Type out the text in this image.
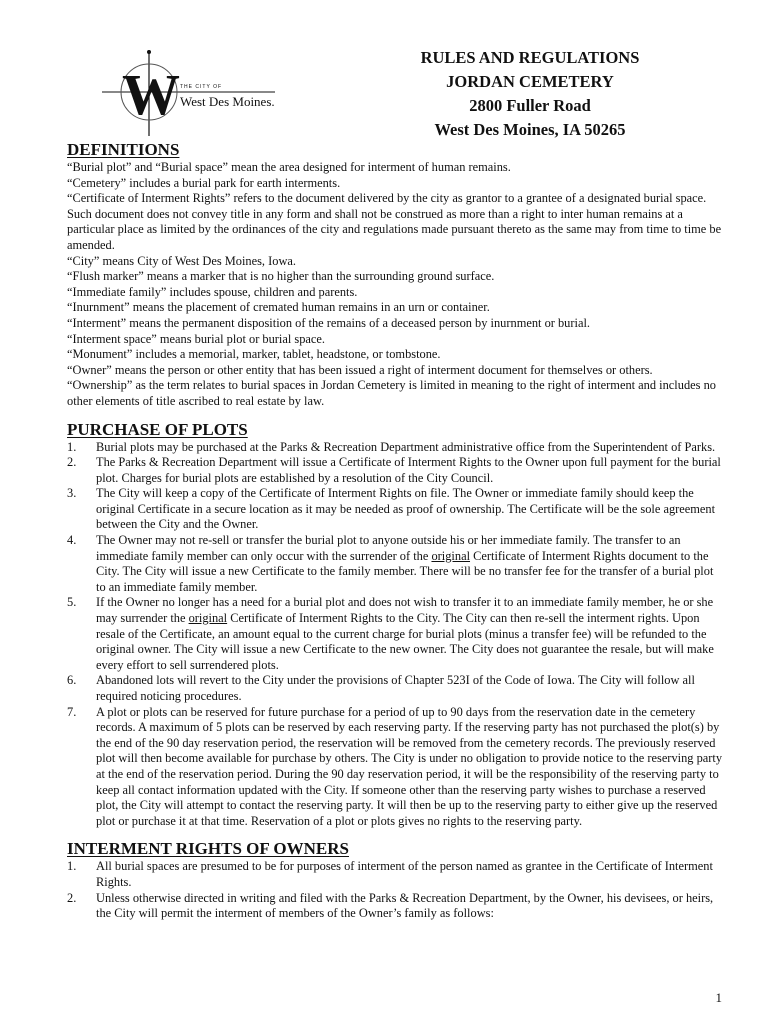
W THE CITY OF
West Des Moines.
RULES AND REGULATIONS
JORDAN CEMETERY
2800 Fuller Road
West Des Moines, IA 50265
DEFINITIONS

“Burial plot” and “Burial space” mean the area designed for interment of human remains.

“Cemetery” includes a burial park for earth interments.

“Certificate of Interment Rights” refers to the document delivered by the city as grantor to a grantee of a designated burial space. Such document does not convey title in any form and shall not be construed as more than a right to inter human remains at a particular place as limited by the ordinances of the city and regulations made pursuant thereto as the same may from time to time be amended.

“City” means City of West Des Moines, Iowa.

“Flush marker” means a marker that is no higher than the surrounding ground surface.

“Immediate family” includes spouse, children and parents.

“Inurnment” means the placement of cremated human remains in an urn or container.

“Interment” means the permanent disposition of the remains of a deceased person by inurnment or burial.

“Interment space” means burial plot or burial space.

“Monument” includes a memorial, marker, tablet, headstone, or tombstone.

“Owner” means the person or other entity that has been issued a right of interment document for themselves or others.

“Ownership” as the term relates to burial spaces in Jordan Cemetery is limited in meaning to the right of interment and includes no other elements of title ascribed to real estate by law.

PURCHASE OF PLOTS
1. Burial plots may be purchased at the Parks & Recreation Department administrative office from the Superintendent of Parks.
2. The Parks & Recreation Department will issue a Certificate of Interment Rights to the Owner upon full payment for the burial plot. Charges for burial plots are established by a resolution of the City Council.
3. The City will keep a copy of the Certificate of Interment Rights on file. The Owner or immediate family should keep the original Certificate in a secure location as it may be needed as proof of ownership. The Certificate will be the sole agreement between the City and the Owner.
4. The Owner may not re-sell or transfer the burial plot to anyone outside his or her immediate family. The transfer to an immediate family member can only occur with the surrender of the original Certificate of Interment Rights document to the City. The City will issue a new Certificate to the family member. There will be no transfer fee for the transfer of a burial plot to an immediate family member.
5. If the Owner no longer has a need for a burial plot and does not wish to transfer it to an immediate family member, he or she may surrender the original Certificate of Interment Rights to the City. The City can then re-sell the interment rights. Upon resale of the Certificate, an amount equal to the current charge for burial plots (minus a transfer fee) will be refunded to the original owner. The City will issue a new Certificate to the new owner. The City does not guarantee the resale, but will make every effort to sell surrendered plots.
6. Abandoned lots will revert to the City under the provisions of Chapter 523I of the Code of Iowa. The City will follow all required noticing procedures.
7. A plot or plots can be reserved for future purchase for a period of up to 90 days from the reservation date in the cemetery records. A maximum of 5 plots can be reserved by each reserving party. If the reserving party has not purchased the plot(s) by the end of the 90 day reservation period, the reservation will be removed from the cemetery records. The previously reserved plot will then become available for purchase by others. The City is under no obligation to provide notice to the reserving party at the end of the reservation period. During the 90 day reservation period, it will be the responsibility of the reserving party to keep all contact information updated with the City. If someone other than the reserving party wishes to purchase a reserved plot, the City will attempt to contact the reserving party. It will then be up to the reserving party to either give up the reserved plot or purchase it at that time. Reservation of a plot or plots gives no rights to the reserving party.
INTERMENT RIGHTS OF OWNERS
1. All burial spaces are presumed to be for purposes of interment of the person named as grantee in the Certificate of Interment Rights.
2. Unless otherwise directed in writing and filed with the Parks & Recreation Department, by the Owner, his devisees, or heirs, the City will permit the interment of members of the Owner’s family as follows:
1
